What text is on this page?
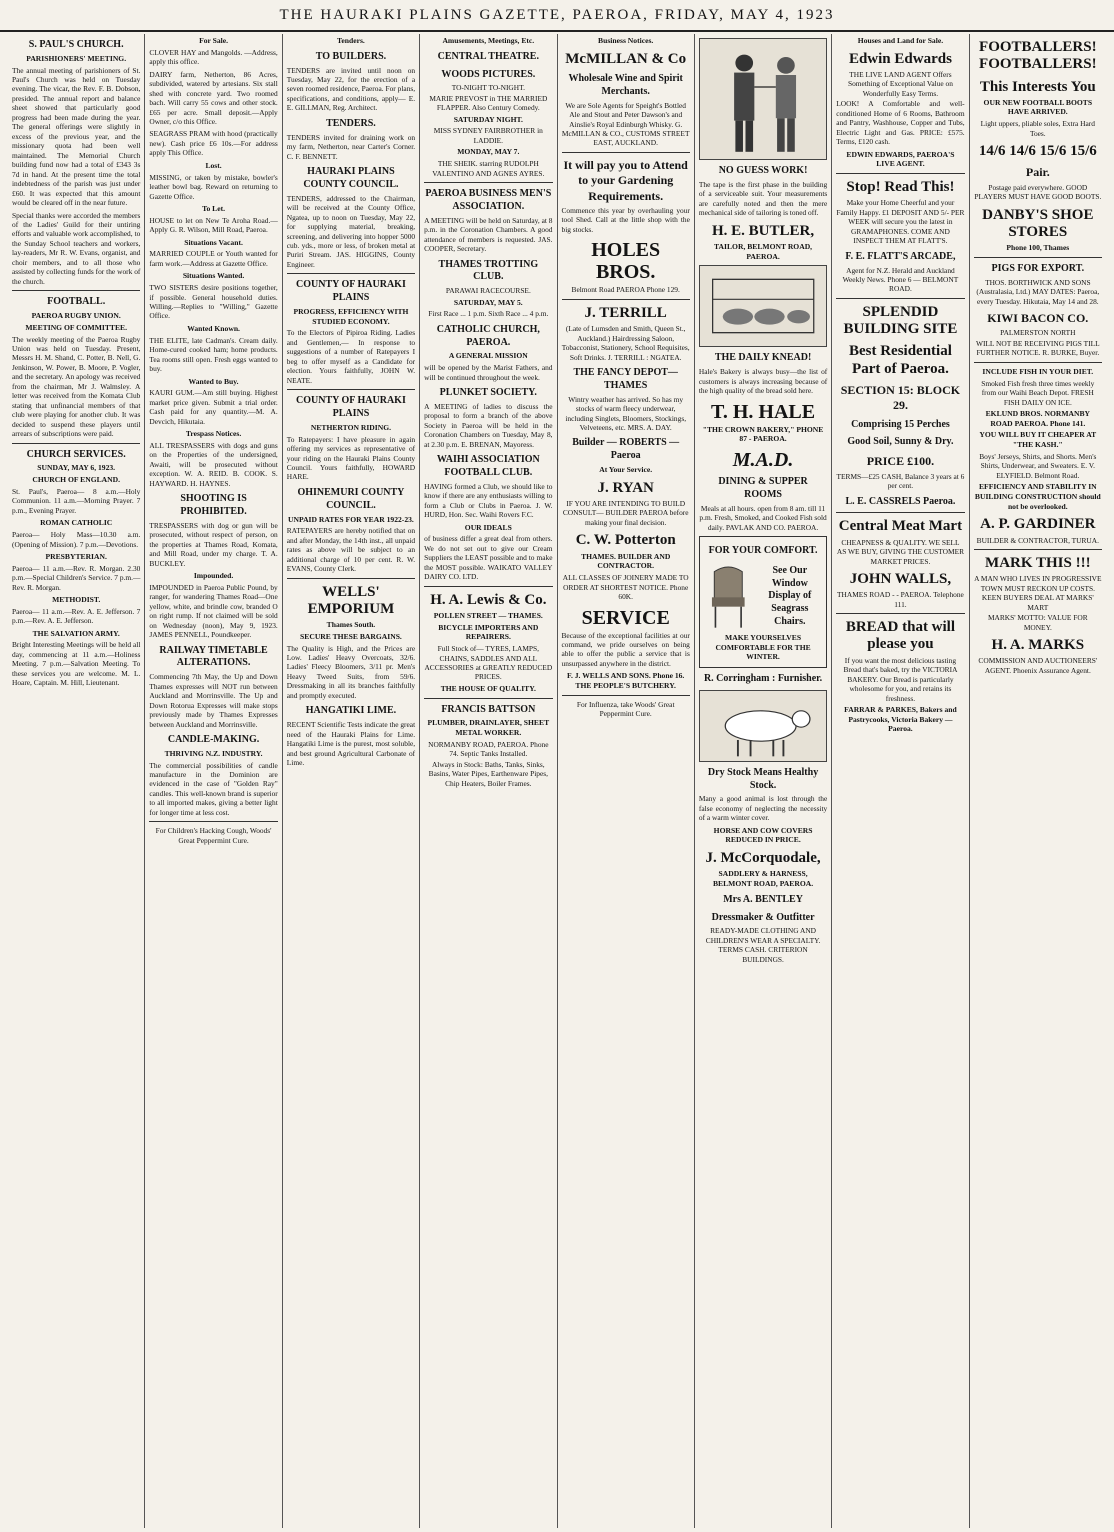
THE HAURAKI PLAINS GAZETTE, PAEROA, FRIDAY, MAY 4, 1923
S. PAUL'S CHURCH.
PARISHIONERS' MEETING.

The annual meeting of parishioners of St. Paul's Church was held on Tuesday evening. The vicar, the Rev. F. B. Dobson, presided. The annual report and balance sheet showed that particularly good progress had been made during the year. The general offerings were slightly in excess of the previous year, and the missionary quota had been well maintained. The Memorial Church building fund now had a total of £343 3s 7d in hand. At the present time the total indebtedness of the parish was just under £60. It was expected that this amount would be cleared off in the near future.

Special thanks were accorded the members of the Ladies' Guild for their untiring efforts and valuable work accomplished, to the Sunday School teachers and workers, lay-readers, Mr R. W. Evans, organist, and choir members, and to all those who assisted by collecting funds for the work of the church.

FOOTBALL.
PAEROA RUGBY UNION.
MEETING OF COMMITTEE.

The weekly meeting of the Paeroa Rugby Union was held on Tuesday. Present, Messrs H. M. Shand, C. Potter, B. Nell, G. Jenkinson, W. Power, B. Moore, P. Vogler, and the secretary. An apology was received from the chairman, Mr J. Walmsley. A letter was received from the Komata Club stating that unfinancial members of that club were playing for another club. It was decided to suspend these players until arrears of subscriptions were paid.

CHURCH SERVICES.
SUNDAY, MAY 6, 1923.
CHURCH OF ENGLAND.

St. Paul's, Paeroa— 8 a.m.—Holy Communion. 11 a.m.—Morning Prayer. 7 p.m., Evening Prayer.

ROMAN CATHOLIC

Paeroa— Holy Mass—10.30 a.m. (Opening of Mission). 7 p.m.—Devotions.

PRESBYTERIAN.

Paeroa— 11 a.m.—Rev. R. Morgan. 2.30 p.m.—Special Children's Service. 7 p.m.—Rev. R. Morgan.

METHODIST.

Paeroa— 11 a.m.—Rev. A. E. Jefferson. 7 p.m.—Rev. A. E. Jefferson.

THE SALVATION ARMY.

Bright Interesting Meetings will be held all day, commencing at 11 a.m.—Holiness Meeting. 7 p.m.—Salvation Meeting. To these services you are welcome. M. L. Hoare, Captain. M. Hill, Lieutenant.

For Sale.

CLOVER HAY and Mangolds. —Address, apply this office.

DAIRY farm, Netherton, 86 Acres, subdivided, watered by artesians. Six stall shed with concrete yard. Two roomed bach. Will carry 55 cows and other stock. £65 per acre. Small deposit.—Apply Owner, c/o this Office.

SEAGRASS PRAM with hood (practically new). Cash price £6 10s.—For address apply This Office.

Lost.

MISSING, or taken by mistake, bowler's leather bowl bag. Reward on returning to Gazette Office.

To Let.

HOUSE to let on New Te Aroha Road.—Apply G. R. Wilson, Mill Road, Paeroa.

Situations Vacant.

MARRIED COUPLE or Youth wanted for farm work.—Address at Gazette Office.

Situations Wanted.

TWO SISTERS desire positions together, if possible. General household duties. Willing.—Replies to "Willing," Gazette Office.

Wanted Known.

THE ELITE, late Cadman's. Cream daily. Home-cured cooked ham; home products. Tea rooms still open. Fresh eggs wanted to buy.

Wanted to Buy.

KAURI GUM.—Am still buying. Highest market price given. Submit a trial order. Cash paid for any quantity.—M. A. Devcich, Hikutaia.

Trespass Notices.

ALL TRESPASSERS with dogs and guns on the Properties of the undersigned, Awaiti, will be prosecuted without exception. W. A. REID. B. COOK. S. HAYWARD. H. HAYNES.

SHOOTING IS PROHIBITED.

TRESPASSERS with dog or gun will be prosecuted, without respect of person, on the properties at Thames Road, Komata, and Mill Road, under my charge. T. A. BUCKLEY.

Impounded.

IMPOUNDED in Paeroa Public Pound, by ranger, for wandering Thames Road—One yellow, white, and brindle cow, branded O on right rump. If not claimed will be sold on Wednesday (noon), May 9, 1923. JAMES PENNELL, Poundkeeper.

RAILWAY TIMETABLE ALTERATIONS.

Commencing 7th May, the Up and Down Thames expresses will NOT run between Auckland and Morrinsville. The Up and Down Rotorua Expresses will make stops previously made by Thames Expresses between Auckland and Morrinsville.

CANDLE-MAKING.
THRIVING N.Z. INDUSTRY.

The commercial possibilities of candle manufacture in the Dominion are evidenced in the case of "Golden Ray" candles. This well-known brand is superior to all imported makes, giving a better light for longer time at less cost.

For Children's Hacking Cough, Woods' Great Peppermint Cure.
Tenders.
TO BUILDERS.

TENDERS are invited until noon on Tuesday, May 22, for the erection of a seven roomed residence, Paeroa. For plans, specifications, and conditions, apply— E. E. GILLMAN, Reg. Architect.

TENDERS.

TENDERS invited for draining work on my farm, Netherton, near Carter's Corner. C. F. BENNETT.

HAURAKI PLAINS COUNTY COUNCIL.

TENDERS, addressed to the Chairman, will be received at the County Office, Ngatea, up to noon on Tuesday, May 22, for supplying material, breaking, screening, and delivering into hopper 5000 cub. yds., more or less, of broken metal at Puriri Stream. JAS. HIGGINS, County Engineer.

COUNTY OF HAURAKI PLAINS
PROGRESS, EFFICIENCY WITH STUDIED ECONOMY.

To the Electors of Pipiroa Riding. Ladies and Gentlemen,— In response to suggestions of a number of Ratepayers I beg to offer myself as a Candidate for election. Yours faithfully, JOHN W. NEATE.

COUNTY OF HAURAKI PLAINS
NETHERTON RIDING.

To Ratepayers: I have pleasure in again offering my services as representative of your riding on the Hauraki Plains County Council. Yours faithfully, HOWARD HARE.

OHINEMURI COUNTY COUNCIL.
UNPAID RATES FOR YEAR 1922-23.

RATEPAYERS are hereby notified that on and after Monday, the 14th inst., all unpaid rates as above will be subject to an additional charge of 10 per cent. R. W. EVANS, County Clerk.

WELLS' EMPORIUM
Thames South.
SECURE THESE BARGAINS.

The Quality is High, and the Prices are Low. Ladies' Heavy Overcoats, 32/6. Ladies' Fleecy Bloomers, 3/11 pr. Men's Heavy Tweed Suits, from 59/6. Dressmaking in all its branches faithfully and promptly executed.

HANGATIKI LIME.

RECENT Scientific Tests indicate the great need of the Hauraki Plains for Lime. Hangatiki Lime is the purest, most soluble, and best ground Agricultural Carbonate of Lime.

Amusements, Meetings, Etc.
CENTRAL THEATRE.
WOODS PICTURES.
TO-NIGHT TO-NIGHT.
MARIE PREVOST in THE MARRIED FLAPPER. Also Century Comedy.
SATURDAY NIGHT.
MISS SYDNEY FAIRBROTHER in LADDIE.
MONDAY, MAY 7.
THE SHEIK. starring RUDOLPH VALENTINO AND AGNES AYRES.
PAEROA BUSINESS MEN'S ASSOCIATION.

A MEETING will be held on Saturday, at 8 p.m. in the Coronation Chambers. A good attendance of members is requested. JAS. COOPER, Secretary.

THAMES TROTTING CLUB.
PARAWAI RACECOURSE.
SATURDAY, MAY 5.
First Race ... 1 p.m. Sixth Race ... 4 p.m.
CATHOLIC CHURCH, PAEROA.
A GENERAL MISSION

will be opened by the Marist Fathers, and will be continued throughout the week.

PLUNKET SOCIETY.

A MEETING of ladies to discuss the proposal to form a branch of the above Society in Paeroa will be held in the Coronation Chambers on Tuesday, May 8, at 2.30 p.m. E. BRENAN, Mayoress.

WAIHI ASSOCIATION FOOTBALL CLUB.

HAVING formed a Club, we should like to know if there are any enthusiasts willing to form a Club or Clubs in Paeroa. J. W. HURD, Hon. Sec. Waihi Rovers F.C.

OUR IDEALS

of business differ a great deal from others. We do not set out to give our Cream Suppliers the LEAST possible and to make the MOST possible. WAIKATO VALLEY DAIRY CO. LTD.

H. A. Lewis & Co.
POLLEN STREET — THAMES.
BICYCLE IMPORTERS AND REPAIRERS.

Full Stock of— TYRES, LAMPS, CHAINS, SADDLES AND ALL ACCESSORIES at GREATLY REDUCED PRICES.

THE HOUSE OF QUALITY.
FRANCIS BATTSON
PLUMBER, DRAINLAYER, SHEET METAL WORKER.
NORMANBY ROAD, PAEROA. Phone 74. Septic Tanks Installed.

Always in Stock: Baths, Tanks, Sinks, Basins, Water Pipes, Earthenware Pipes, Chip Heaters, Boiler Frames.

Business Notices.
McMILLAN & Co
Wholesale Wine and Spirit Merchants.

We are Sole Agents for Speight's Bottled Ale and Stout and Peter Dawson's and Ainslie's Royal Edinburgh Whisky. G. McMILLAN & CO., CUSTOMS STREET EAST, AUCKLAND.

It will pay you to Attend to your Gardening Requirements.

Commence this year by overhauling your tool Shed. Call at the little shop with the big stocks.

HOLES BROS.
Belmont Road PAEROA Phone 129.
J. TERRILL

(Late of Lumsden and Smith, Queen St., Auckland.) Hairdressing Saloon, Tobacconist, Stationery, School Requisites, Soft Drinks. J. TERRILL : NGATEA.

THE FANCY DEPOT—THAMES

Wintry weather has arrived. So has my stocks of warm fleecy underwear, including Singlets, Bloomers, Stockings, Velveteens, etc. MRS. A. DAY.

Builder — ROBERTS — Paeroa
At Your Service.
J. RYAN

IF YOU ARE INTENDING TO BUILD CONSULT— BUILDER PAEROA before making your final decision.

C. W. Potterton
THAMES. BUILDER AND CONTRACTOR.

ALL CLASSES OF JOINERY MADE TO ORDER AT SHORTEST NOTICE. Phone 60K.

SERVICE

Because of the exceptional facilities at our command, we pride ourselves on being able to offer the public a service that is unsurpassed anywhere in the district.

F. J. WELLS AND SONS. Phone 16. THE PEOPLE'S BUTCHERY.
For Influenza, take Woods' Great Peppermint Cure.
NO GUESS WORK!

The tape is the first phase in the building of a serviceable suit. Your measurements are carefully noted and then the mere mechanical side of tailoring is toned off.

H. E. BUTLER,
TAILOR, BELMONT ROAD, PAEROA.
THE DAILY KNEAD!

Hale's Bakery is always busy—the list of customers is always increasing because of the high quality of the bread sold here.

T. H. HALE
"THE CROWN BAKERY," PHONE 87 - PAEROA.
M.A.D.
DINING & SUPPER ROOMS

Meals at all hours. open from 8 am. till 11 p.m. Fresh, Smoked, and Cooked Fish sold daily. PAVLAK AND CO. PAEROA.

FOR YOUR COMFORT.
See Our Window Display of Seagrass Chairs.
MAKE YOURSELVES COMFORTABLE FOR THE WINTER.
R. Corringham : Furnisher.
Dry Stock Means Healthy Stock.

Many a good animal is lost through the false economy of neglecting the necessity of a warm winter cover.

HORSE AND COW COVERS REDUCED IN PRICE.
J. McCorquodale,
SADDLERY & HARNESS, BELMONT ROAD, PAEROA.
Mrs A. BENTLEY
Dressmaker & Outfitter

READY-MADE CLOTHING AND CHILDREN'S WEAR A SPECIALTY. TERMS CASH. CRITERION BUILDINGS.

Houses and Land for Sale.
Edwin Edwards

THE LIVE LAND AGENT Offers Something of Exceptional Value on Wonderfully Easy Terms.

LOOK! A Comfortable and well-conditioned Home of 6 Rooms, Bathroom and Pantry, Washhouse, Copper and Tubs, Electric Light and Gas. PRICE: £575. Terms, £120 cash.

EDWIN EDWARDS, PAEROA'S LIVE AGENT.
Stop! Read This!

Make your Home Cheerful and your Family Happy. £1 DEPOSIT AND 5/- PER WEEK will secure you the latest in GRAMAPHONES. COME AND INSPECT THEM AT FLATT'S.

F. E. FLATT'S ARCADE,
Agent for N.Z. Herald and Auckland Weekly News. Phone 6 — BELMONT ROAD.
SPLENDID BUILDING SITE
Best Residential Part of Paeroa.
SECTION 15: BLOCK 29.
Comprising 15 Perches
Good Soil, Sunny & Dry.
PRICE £100.

TERMS—£25 CASH, Balance 3 years at 6 per cent.

L. E. CASSRELS Paeroa.
Central Meat Mart

CHEAPNESS & QUALITY. WE SELL AS WE BUY, GIVING THE CUSTOMER MARKET PRICES.

JOHN WALLS,
THAMES ROAD - - PAEROA. Telephone 111.
BREAD that will please you

If you want the most delicious tasting Bread that's baked, try the VICTORIA BAKERY. Our Bread is particularly wholesome for you, and retains its freshness.

FARRAR & PARKES, Bakers and Pastrycooks, Victoria Bakery — Paeroa.
FOOTBALLERS! FOOTBALLERS!
This Interests You
OUR NEW FOOTBALL BOOTS HAVE ARRIVED.
Light uppers, pliable soles, Extra Hard Toes.
14/6 14/6 15/6 15/6
Pair.
Postage paid everywhere. GOOD PLAYERS MUST HAVE GOOD BOOTS.
DANBY'S SHOE STORES
Phone 100, Thames
PIGS FOR EXPORT.

THOS. BORTHWICK AND SONS (Australasia, Ltd.) MAY DATES: Paeroa, every Tuesday. Hikutaia, May 14 and 28.

KIWI BACON CO.
PALMERSTON NORTH

WILL NOT BE RECEIVING PIGS TILL FURTHER NOTICE. R. BURKE, Buyer.

INCLUDE FISH IN YOUR DIET.

Smoked Fish fresh three times weekly from our Waihi Beach Depot. FRESH FISH DAILY ON ICE.

EKLUND BROS. NORMANBY ROAD PAEROA. Phone 141.
YOU WILL BUY IT CHEAPER AT "THE KASH."

Boys' Jerseys, Shirts, and Shorts. Men's Shirts, Underwear, and Sweaters. E. V. ELYFIELD. Belmont Road.

EFFICIENCY AND STABILITY IN BUILDING CONSTRUCTION should not be overlooked.
A. P. GARDINER
BUILDER & CONTRACTOR, TURUA.
MARK THIS !!!

A MAN WHO LIVES IN PROGRESSIVE TOWN MUST RECKON UP COSTS. KEEN BUYERS DEAL AT MARKS' MART

MARKS' MOTTO: VALUE FOR MONEY.
H. A. MARKS
COMMISSION AND AUCTIONEERS' AGENT. Phoenix Assurance Agent.
